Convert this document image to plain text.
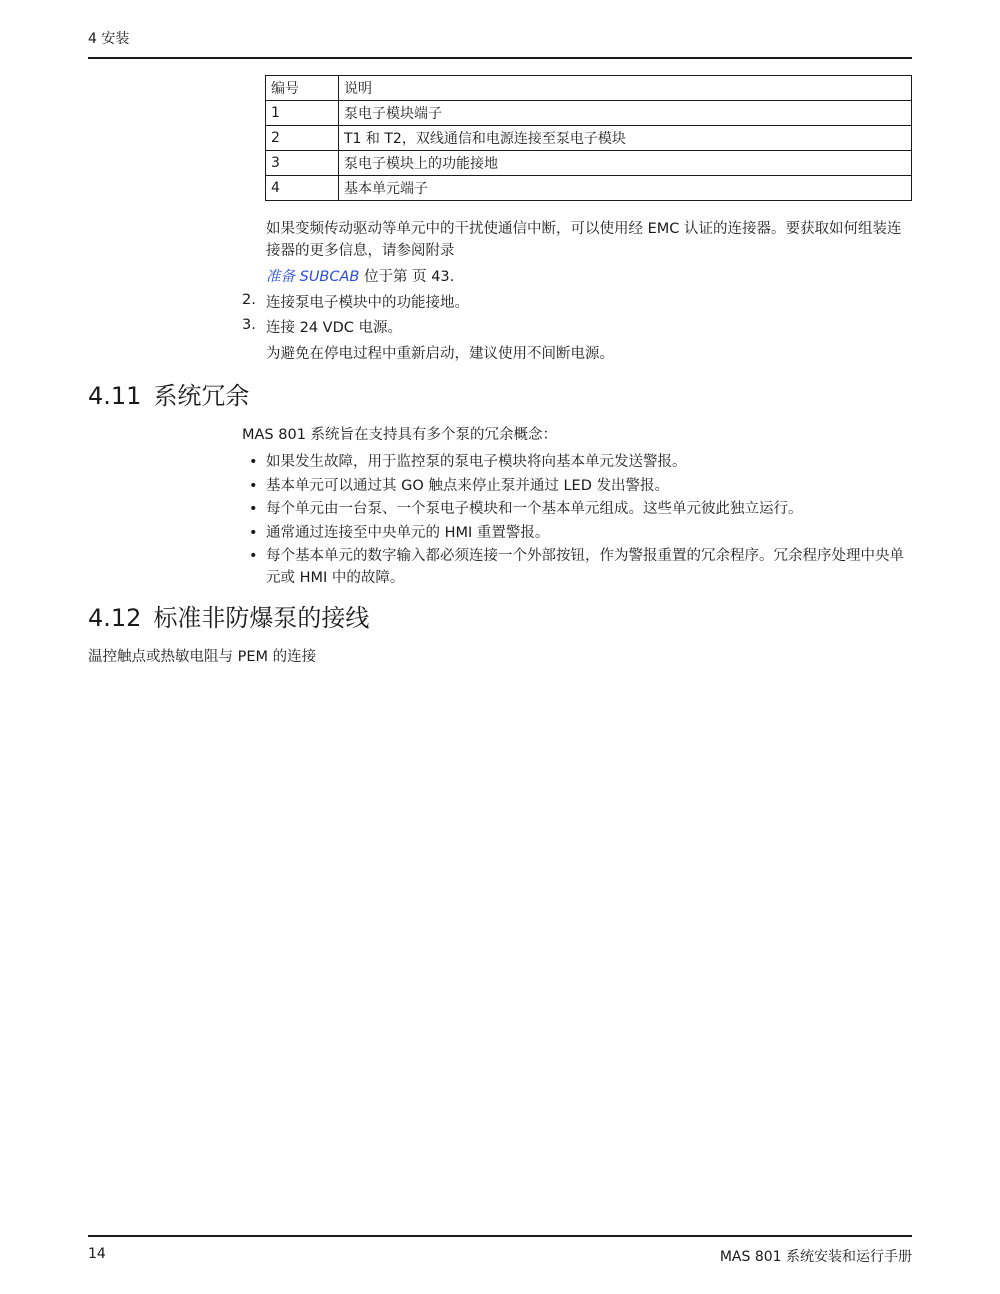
4 安装
编号	说明
1	泵电子模块端子
2	T1 和 T2，双线通信和电源连接至泵电子模块
3	泵电子模块上的功能接地
4	基本单元端子
如果变频传动驱动等单元中的干扰使通信中断，可以使用经 EMC 认证的连接器。要获取如何组装连接器的更多信息，请参阅附录
准备 SUBCAB 位于第 页 43.
2. 连接泵电子模块中的功能接地。
3. 连接 24 VDC 电源。
为避免在停电过程中重新启动，建议使用不间断电源。
4.11 系统冗余
MAS 801 系统旨在支持具有多个泵的冗余概念：
• 如果发生故障，用于监控泵的泵电子模块将向基本单元发送警报。
• 基本单元可以通过其 GO 触点来停止泵并通过 LED 发出警报。
• 每个单元由一台泵、一个泵电子模块和一个基本单元组成。这些单元彼此独立运行。
• 通常通过连接至中央单元的 HMI 重置警报。
• 每个基本单元的数字输入都必须连接一个外部按钮，作为警报重置的冗余程序。冗余程序处理中央单元或 HMI 中的故障。
4.12 标准非防爆泵的接线
温控触点或热敏电阻与 PEM 的连接
14	MAS 801 系统安装和运行手册
